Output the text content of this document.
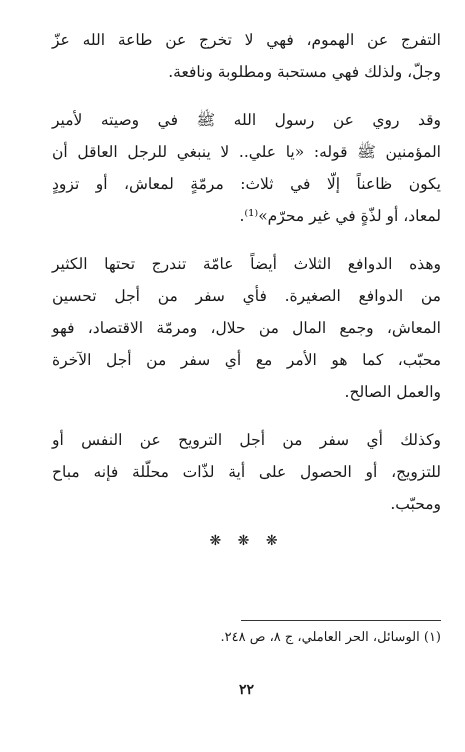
التفرج عن الهموم، فهي لا تخرج عن طاعة الله عزّ
وجلّ، ولذلك فهي مستحبة ومطلوبة ونافعة.
وقد روي عن رسول الله ﷺ في وصيته لأمير
المؤمنين ﷺ قوله: «يا علي.. لا ينبغي للرجل العاقل أن
يكون ظاعناً إلّا في ثلاث: مرمّةٍ لمعاش، أو تزودٍ
لمعاد، أو لذّةٍ في غير محرّم»⁽¹⁾.
وهذه الدوافع الثلاث أيضاً عامّة تندرج تحتها الكثير
من الدوافع الصغيرة. فأي سفر من أجل تحسين
المعاش، وجمع المال من حلال، ومرمّة الاقتصاد، فهو
محبّب، كما هو الأمر مع أي سفر من أجل الآخرة
والعمل الصالح.
وكذلك أي سفر من أجل الترويح عن النفس أو
للتزويج، أو الحصول على أية لذّات محلّلة فإنه مباح
ومحبّب.
❋ ❋ ❋
(١) الوسائل، الحر العاملي، ج ٨، ص ٢٤٨.
٢٢
